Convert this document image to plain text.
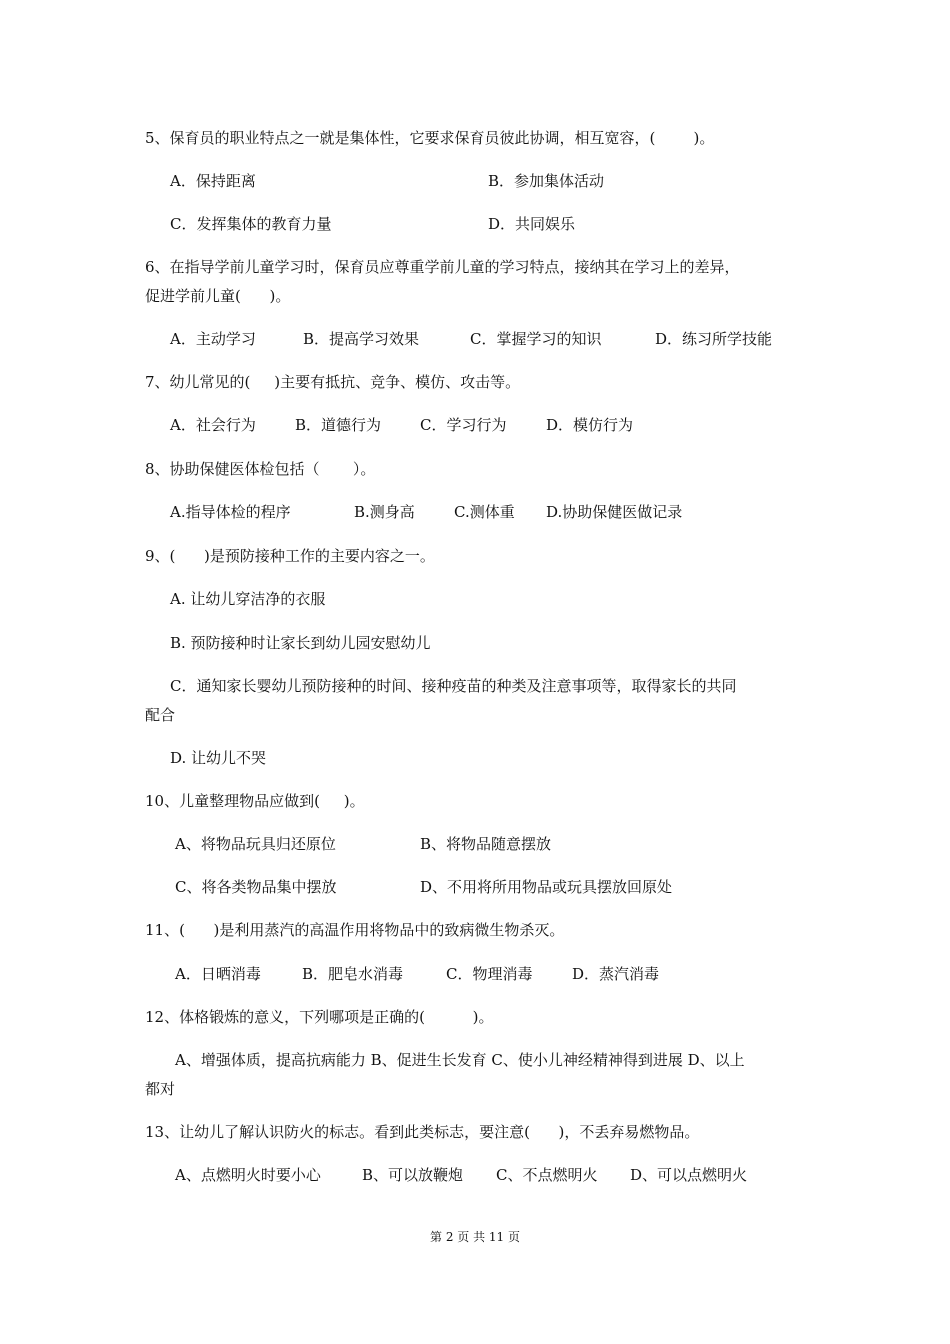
5、保育员的职业特点之一就是集体性，它要求保育员彼此协调，相互宽容，(        )。
A．保持距离	B．参加集体活动
C．发挥集体的教育力量	D．共同娱乐
6、在指导学前儿童学习时，保育员应尊重学前儿童的学习特点，接纳其在学习上的差异，
促进学前儿童(      )。
A．主动学习	B．提高学习效果	C．掌握学习的知识	D．练习所学技能
7、幼儿常见的(     )主要有抵抗、竞争、模仿、攻击等。
A．社会行为	B．道德行为	C．学习行为	D．模仿行为
8、协助保健医体检包括（       ）。
A.指导体检的程序	B.测身高	C.测体重	D.协助保健医做记录
9、(      )是预防接种工作的主要内容之一。
A. 让幼儿穿洁净的衣服
B. 预防接种时让家长到幼儿园安慰幼儿
C．通知家长婴幼儿预防接种的时间、接种疫苗的种类及注意事项等，取得家长的共同
配合
D. 让幼儿不哭
10、儿童整理物品应做到(     )。
A、将物品玩具归还原位	B、将物品随意摆放
C、将各类物品集中摆放	D、不用将所用物品或玩具摆放回原处
11、(      )是利用蒸汽的高温作用将物品中的致病微生物杀灭。
A．日晒消毒	B．肥皂水消毒	C．物理消毒	D．蒸汽消毒
12、体格锻炼的意义，下列哪项是正确的(          )。
A、增强体质，提高抗病能力 B、促进生长发育 C、使小儿神经精神得到进展 D、以上
都对
13、让幼儿了解认识防火的标志。看到此类标志，要注意(      )，不丢弃易燃物品。
A、点燃明火时要小心	B、可以放鞭炮	C、不点燃明火	D、可以点燃明火
第 2 页 共 11 页
